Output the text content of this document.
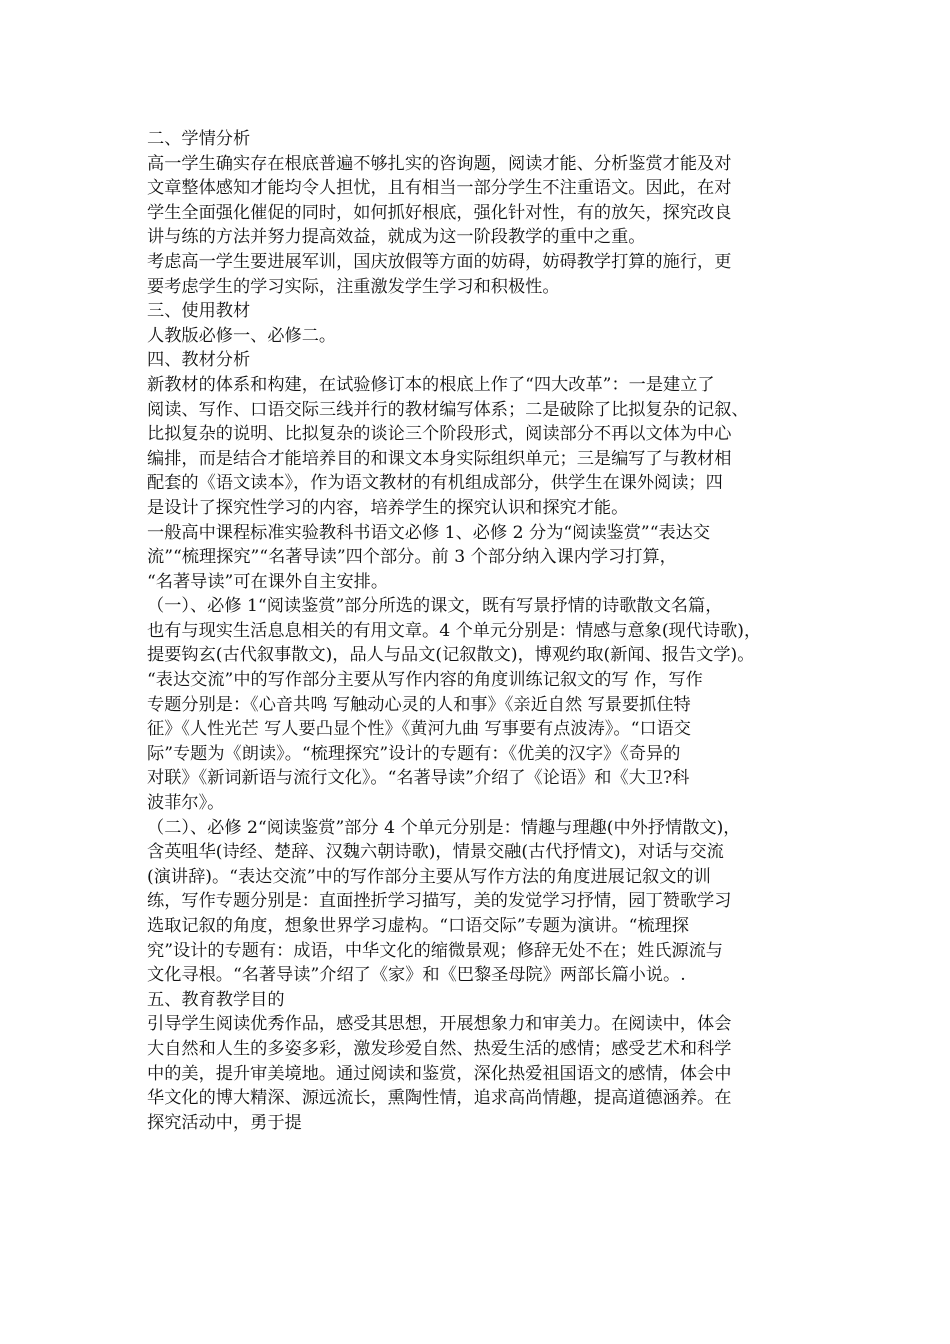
二、学情分析
高一学生确实存在根底普遍不够扎实的咨询题，阅读才能、分析鉴赏才能及对
文章整体感知才能均令人担忧，且有相当一部分学生不注重语文。因此，在对
学生全面强化催促的同时，如何抓好根底，强化针对性，有的放矢，探究改良
讲与练的方法并努力提高效益，就成为这一阶段教学的重中之重。
考虑高一学生要进展军训，国庆放假等方面的妨碍，妨碍教学打算的施行，更
要考虑学生的学习实际，注重激发学生学习和积极性。
三、使用教材
人教版必修一、必修二。
四、教材分析
新教材的体系和构建，在试验修订本的根底上作了“四大改革”：一是建立了
阅读、写作、口语交际三线并行的教材编写体系；二是破除了比拟复杂的记叙、
比拟复杂的说明、比拟复杂的谈论三个阶段形式，阅读部分不再以文体为中心
编排，而是结合才能培养目的和课文本身实际组织单元；三是编写了与教材相
配套的《语文读本》，作为语文教材的有机组成部分，供学生在课外阅读；四
是设计了探究性学习的内容，培养学生的探究认识和探究才能。
一般高中课程标准实验教科书语文必修 1、必修 2 分为“阅读鉴赏”“表达交
流”“梳理探究”“名著导读”四个部分。前 3 个部分纳入课内学习打算，
“名著导读”可在课外自主安排。
（一）、必修 1“阅读鉴赏”部分所选的课文，既有写景抒情的诗歌散文名篇，
也有与现实生活息息相关的有用文章。4 个单元分别是：情感与意象(现代诗歌)，
提要钩玄(古代叙事散文)，品人与品文(记叙散文)，博观约取(新闻、报告文学)。
“表达交流”中的写作部分主要从写作内容的角度训练记叙文的写 作，写作
专题分别是：《心音共鸣 写触动心灵的人和事》《亲近自然 写景要抓住特
征》《人性光芒 写人要凸显个性》《黄河九曲 写事要有点波涛》。“口语交
际”专题为《朗读》。“梳理探究”设计的专题有：《优美的汉字》《奇异的
对联》《新词新语与流行文化》。“名著导读”介绍了《论语》和《大卫?科
波菲尔》。
（二）、必修 2“阅读鉴赏”部分 4 个单元分别是：情趣与理趣(中外抒情散文)，
含英咀华(诗经、楚辞、汉魏六朝诗歌)，情景交融(古代抒情文)，对话与交流
(演讲辞)。“表达交流”中的写作部分主要从写作方法的角度进展记叙文的训
练，写作专题分别是：直面挫折学习描写，美的发觉学习抒情，园丁赞歌学习
选取记叙的角度，想象世界学习虚构。“口语交际”专题为演讲。“梳理探
究”设计的专题有：成语，中华文化的缩微景观；修辞无处不在；姓氏源流与
文化寻根。“名著导读”介绍了《家》和《巴黎圣母院》两部长篇小说。.
五、教育教学目的
引导学生阅读优秀作品，感受其思想，开展想象力和审美力。在阅读中，体会
大自然和人生的多姿多彩，激发珍爱自然、热爱生活的感情；感受艺术和科学
中的美，提升审美境地。通过阅读和鉴赏，深化热爱祖国语文的感情，体会中
华文化的博大精深、源远流长，熏陶性情，追求高尚情趣，提高道德涵养。在
探究活动中，勇于提
